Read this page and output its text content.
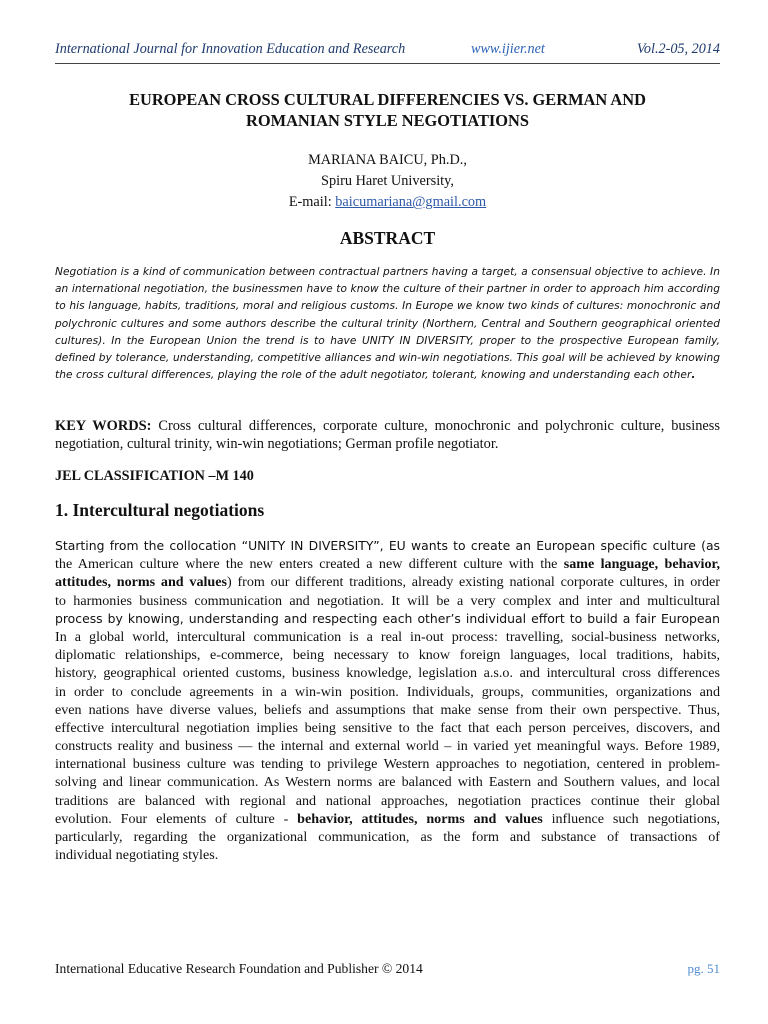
International Journal for Innovation Education and Research	www.ijier.net	Vol.2-05, 2014
EUROPEAN CROSS CULTURAL DIFFERENCIES VS. GERMAN AND
ROMANIAN STYLE NEGOTIATIONS
MARIANA BAICU, Ph.D.,
Spiru Haret University,
E-mail: baicumariana@gmail.com
ABSTRACT
Negotiation is a kind of communication between contractual partners having a target, a consensual objective to achieve. In an international negotiation, the businessmen have to know the culture of their partner in order to approach him according to his language, habits, traditions, moral and religious customs. In Europe we know two kinds of cultures: monochronic and polychronic cultures and some authors describe the cultural trinity (Northern, Central and Southern geographical oriented cultures). In the European Union the trend is to have UNITY IN DIVERSITY, proper to the prospective European family, defined by tolerance, understanding, competitive alliances and win-win negotiations. This goal will be achieved by knowing the cross cultural differences, playing the role of the adult negotiator, tolerant, knowing and understanding each other.
KEY WORDS: Cross cultural differences, corporate culture, monochronic and polychronic culture, business negotiation, cultural trinity, win-win negotiations; German profile negotiator.
JEL CLASSIFICATION –M 140
1. Intercultural negotiations
Starting from the collocation “UNITY IN DIVERSITY”, EU wants to create an European specific culture (as
the American culture where the new enters created a new different culture with the same language, behavior,
attitudes, norms and values) from our different traditions, already existing national corporate cultures, in order
to harmonies business communication and negotiation. It will be a very complex and inter and multicultural
process by knowing, understanding and respecting each other’s individual effort to build a fair European
In a global world, intercultural communication is a real in-out process: travelling, social-business networks,
diplomatic relationships, e-commerce, being necessary to know foreign languages, local traditions, habits,
history, geographical oriented customs, business knowledge, legislation a.s.o. and intercultural cross differences
in order to conclude agreements in a win-win position. Individuals, groups, communities, organizations and
even nations have diverse values, beliefs and assumptions that make sense from their own perspective. Thus,
effective intercultural negotiation implies being sensitive to the fact that each person perceives, discovers, and
constructs reality and business — the internal and external world – in varied yet meaningful ways. Before 1989,
international business culture was tending to privilege Western approaches to negotiation, centered in problem-
solving and linear communication. As Western norms are balanced with Eastern and Southern values, and local
traditions are balanced with regional and national approaches, negotiation practices continue their global
evolution. Four elements of culture - behavior, attitudes, norms and values influence such negotiations,
particularly, regarding the organizational communication, as the form and substance of transactions of
individual negotiating styles.
International Educative Research Foundation and Publisher © 2014	pg. 51
